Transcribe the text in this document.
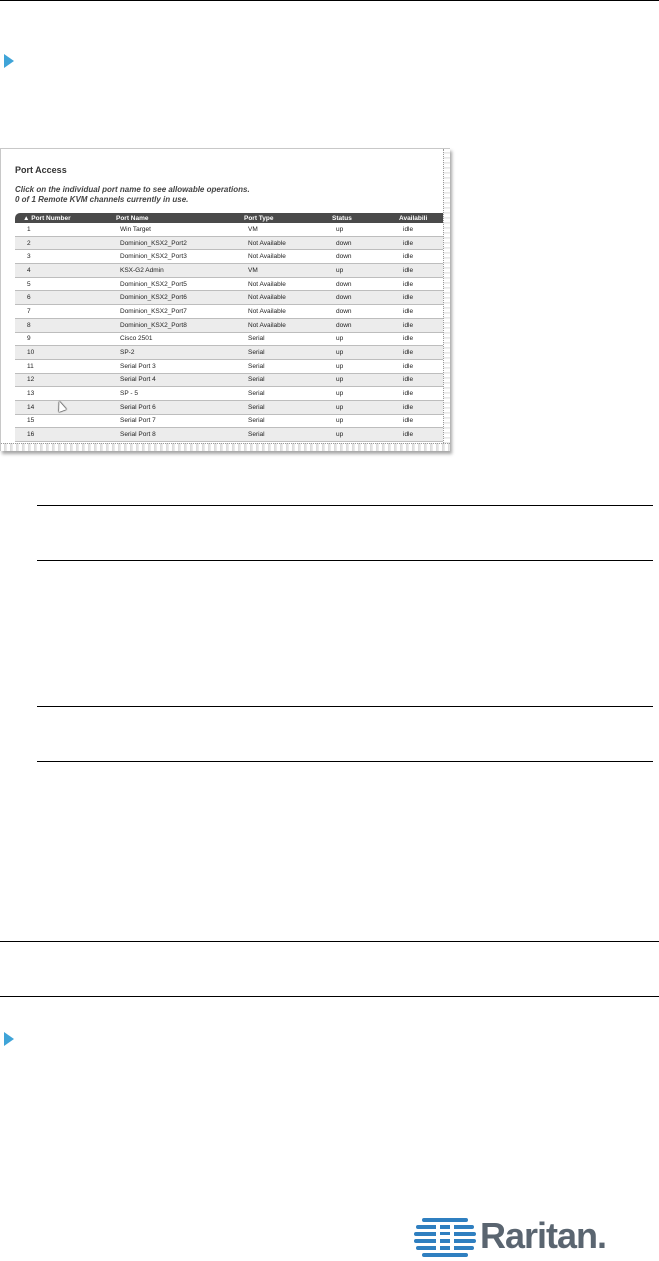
Port Access
Click on the individual port name to see allowable operations.
0 of 1 Remote KVM channels currently in use.
▲ Port Number	Port Name	Port Type	Status	Availabili
1	Win Target	VM	up	idle
2	Dominion_KSX2_Port2	Not Available	down	idle
3	Dominion_KSX2_Port3	Not Available	down	idle
4	KSX-G2 Admin	VM	up	idle
5	Dominion_KSX2_Port5	Not Available	down	idle
6	Dominion_KSX2_Port6	Not Available	down	idle
7	Dominion_KSX2_Port7	Not Available	down	idle
8	Dominion_KSX2_Port8	Not Available	down	idle
9	Cisco 2501	Serial	up	idle
10	SP-2	Serial	up	idle
11	Serial Port 3	Serial	up	idle
12	Serial Port 4	Serial	up	idle
13	SP - 5	Serial	up	idle
14	Serial Port 6	Serial	up	idle
15	Serial Port 7	Serial	up	idle
16	Serial Port 8	Serial	up	idle
Raritan.
